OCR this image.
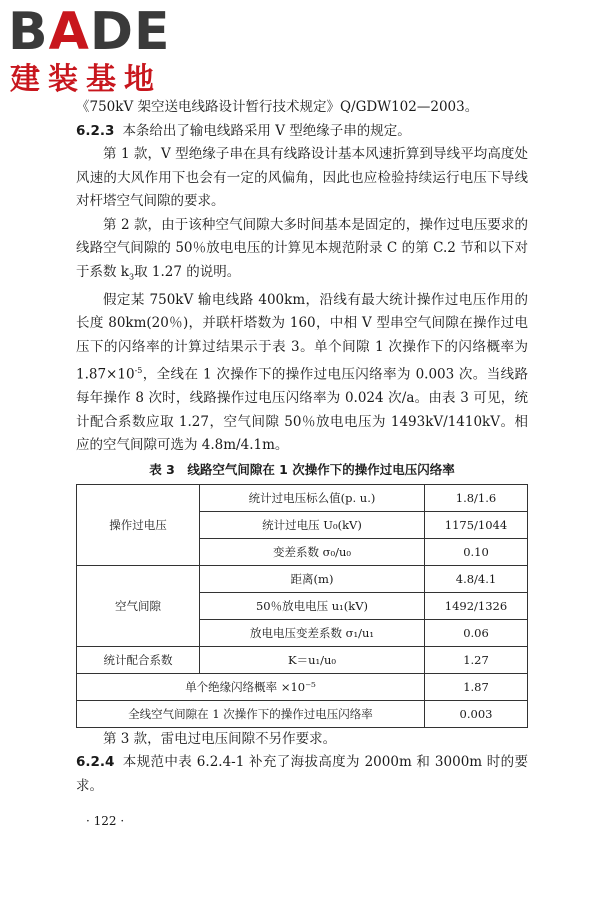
BADE
建装基地

《750kV 架空送电线路设计暂行技术规定》Q/GDW102—2003。

6.2.3 本条给出了输电线路采用 V 型绝缘子串的规定。

第 1 款，V 型绝缘子串在具有线路设计基本风速折算到导线平均高度处风速的大风作用下也会有一定的风偏角，因此也应检验持续运行电压下导线对杆塔空气间隙的要求。

第 2 款，由于该种空气间隙大多时间基本是固定的，操作过电压要求的线路空气间隙的 50％放电电压的计算见本规范附录 C 的第 C.2 节和以下对于系数 $k_3$取 1.27 的说明。

假定某 750kV 输电线路 400km，沿线有最大统计操作过电压作用的长度 80km(20％)，并联杆塔数为 160，中相 V 型串空气间隙在操作过电压下的闪络率的计算过结果示于表 3。单个间隙 1 次操作下的闪络概率为 $1.87\times 10^{-5}$，全线在 1 次操作下的操作过电压闪络率为 0.003 次。当线路每年操作 8 次时，线路操作过电压闪络率为 0.024 次/a。由表 3 可见，统计配合系数应取 1.27，空气间隙 50％放电电压为 1493kV/1410kV。相应的空气间隙可选为 4.8m/4.1m。

表 3　线路空气间隙在 1 次操作下的操作过电压闪络率
操作过电压	统计过电压标么值(p. u.)	1.8/1.6
	统计过电压 U₀(kV)	1175/1044
	变差系数 σ₀/u₀	0.10
空气间隙	距离(m)	4.8/4.1
	50％放电电压 u₁(kV)	1492/1326
	放电电压变差系数 σ₁/u₁	0.06
统计配合系数	K＝u₁/u₀	1.27
单个绝缘闪络概率 ×10⁻⁵		1.87
全线空气间隙在 1 次操作下的操作过电压闪络率		0.003

第 3 款，雷电过电压间隙不另作要求。

6.2.4 本规范中表 6.2.4-1 补充了海拔高度为 2000m 和 3000m 时的要求。

· 122 ·
